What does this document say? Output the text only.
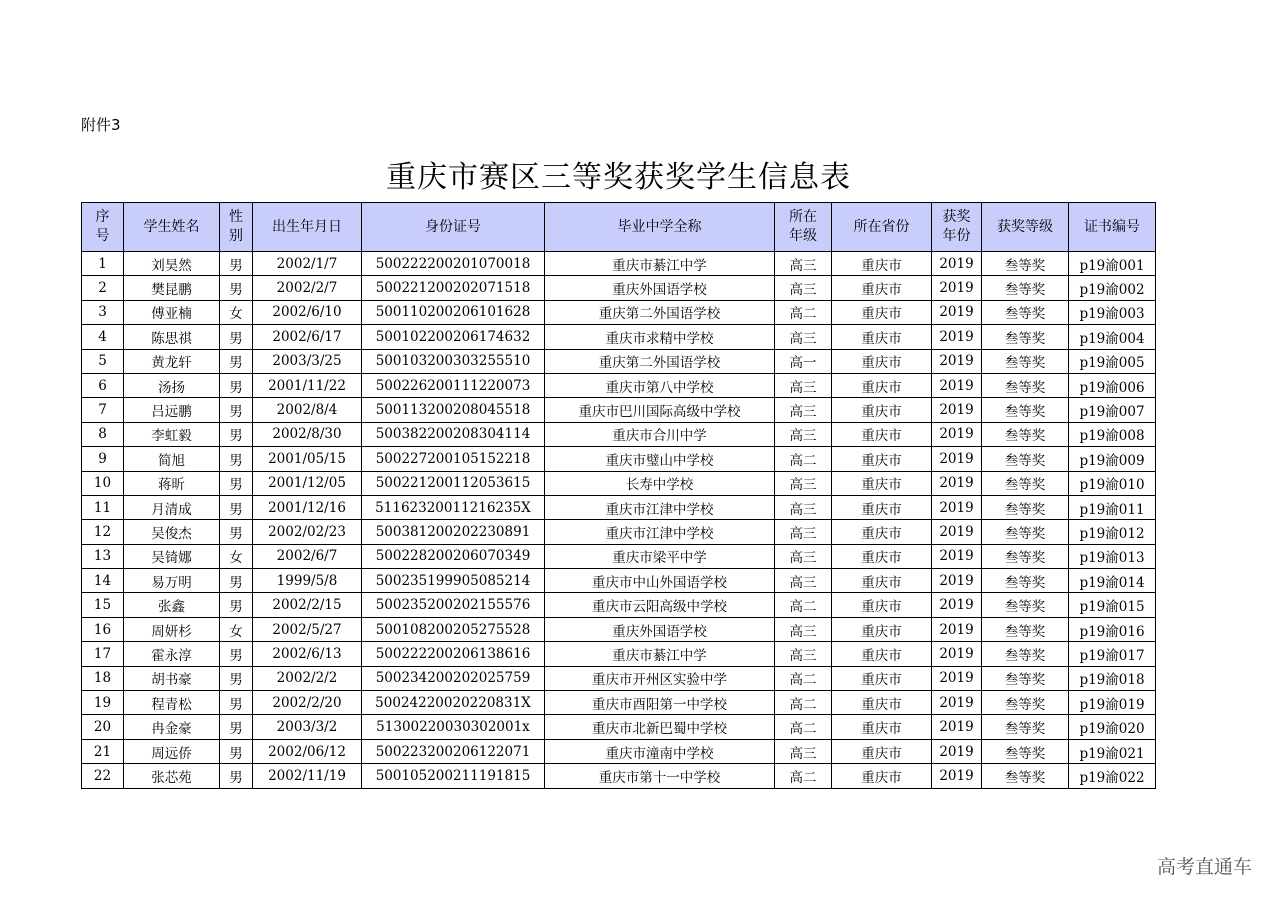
附件3
重庆市赛区三等奖获奖学生信息表
序号	学生姓名	性别	出生年月日	身份证号	毕业中学全称	所在年级	所在省份	获奖年份	获奖等级	证书编号
1	刘昊然	男	2002/1/7	500222200201070018	重庆市綦江中学	高三	重庆市	2019	叁等奖	p19渝001
2	樊昆鹏	男	2002/2/7	500221200202071518	重庆外国语学校	高三	重庆市	2019	叁等奖	p19渝002
3	傅亚楠	女	2002/6/10	500110200206101628	重庆第二外国语学校	高二	重庆市	2019	叁等奖	p19渝003
4	陈思祺	男	2002/6/17	500102200206174632	重庆市求精中学校	高三	重庆市	2019	叁等奖	p19渝004
5	黄龙轩	男	2003/3/25	500103200303255510	重庆第二外国语学校	高一	重庆市	2019	叁等奖	p19渝005
6	汤扬	男	2001/11/22	500226200111220073	重庆市第八中学校	高三	重庆市	2019	叁等奖	p19渝006
7	吕远鹏	男	2002/8/4	500113200208045518	重庆市巴川国际高级中学校	高三	重庆市	2019	叁等奖	p19渝007
8	李虹毅	男	2002/8/30	500382200208304114	重庆市合川中学	高三	重庆市	2019	叁等奖	p19渝008
9	简旭	男	2001/05/15	500227200105152218	重庆市璧山中学校	高二	重庆市	2019	叁等奖	p19渝009
10	蒋昕	男	2001/12/05	500221200112053615	长寿中学校	高三	重庆市	2019	叁等奖	p19渝010
11	月清成	男	2001/12/16	51162320011216235X	重庆市江津中学校	高三	重庆市	2019	叁等奖	p19渝011
12	吴俊杰	男	2002/02/23	500381200202230891	重庆市江津中学校	高三	重庆市	2019	叁等奖	p19渝012
13	吴锜娜	女	2002/6/7	500228200206070349	重庆市梁平中学	高三	重庆市	2019	叁等奖	p19渝013
14	易万明	男	1999/5/8	500235199905085214	重庆市中山外国语学校	高三	重庆市	2019	叁等奖	p19渝014
15	张鑫	男	2002/2/15	500235200202155576	重庆市云阳高级中学校	高二	重庆市	2019	叁等奖	p19渝015
16	周妍杉	女	2002/5/27	500108200205275528	重庆外国语学校	高三	重庆市	2019	叁等奖	p19渝016
17	霍永淳	男	2002/6/13	500222200206138616	重庆市綦江中学	高三	重庆市	2019	叁等奖	p19渝017
18	胡书豪	男	2002/2/2	500234200202025759	重庆市开州区实验中学	高二	重庆市	2019	叁等奖	p19渝018
19	程青松	男	2002/2/20	50024220020220831X	重庆市酉阳第一中学校	高二	重庆市	2019	叁等奖	p19渝019
20	冉金豪	男	2003/3/2	51300220030302001x	重庆市北新巴蜀中学校	高二	重庆市	2019	叁等奖	p19渝020
21	周远侨	男	2002/06/12	500223200206122071	重庆市潼南中学校	高三	重庆市	2019	叁等奖	p19渝021
22	张芯苑	男	2002/11/19	500105200211191815	重庆市第十一中学校	高二	重庆市	2019	叁等奖	p19渝022
高考直通车
